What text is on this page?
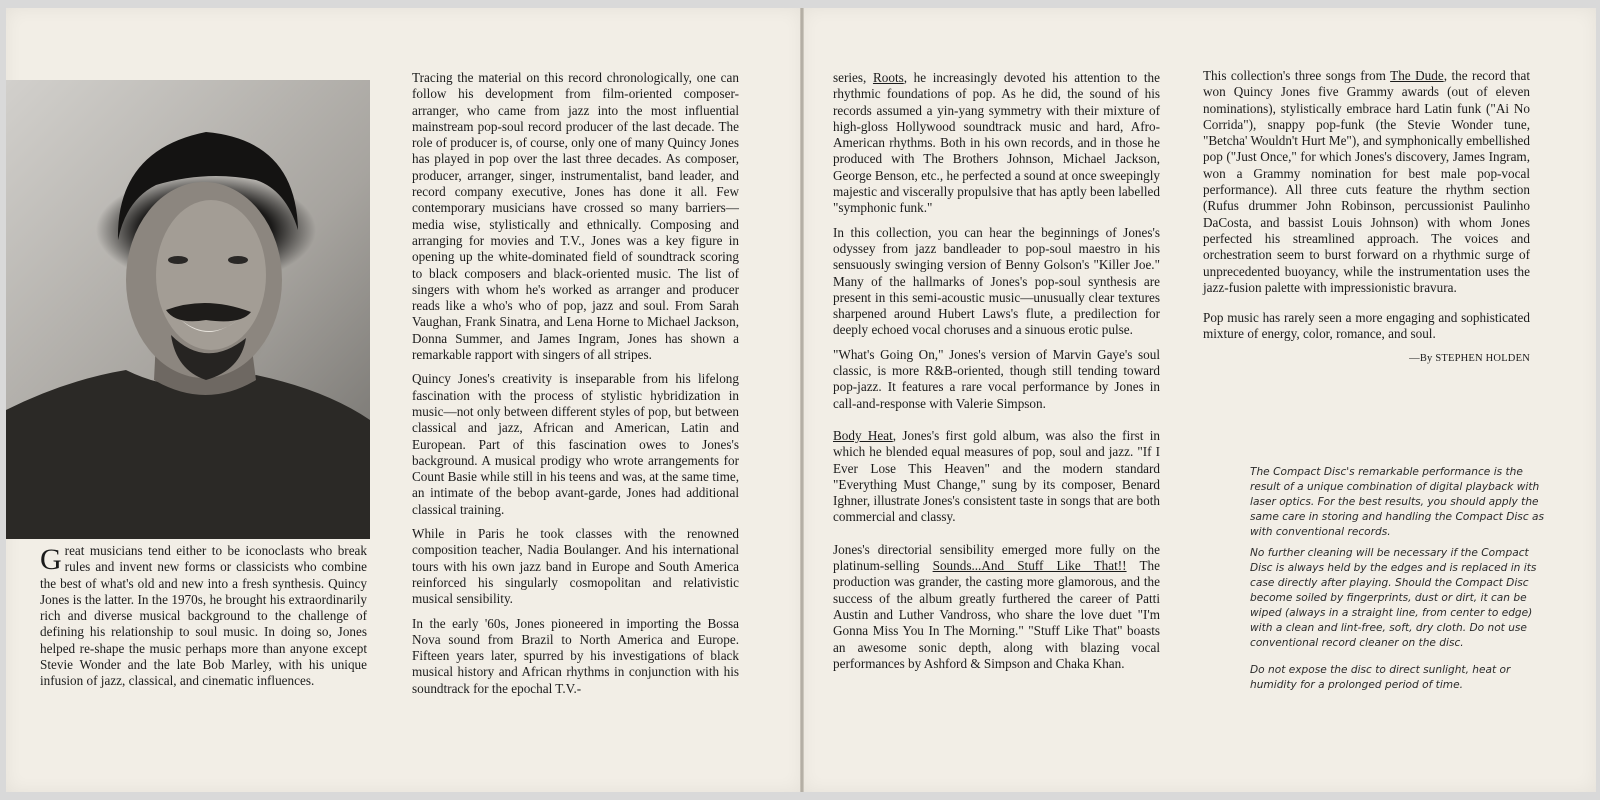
Great musicians tend either to be iconoclasts who break rules and invent new forms or classicists who combine the best of what's old and new into a fresh synthesis. Quincy Jones is the latter. In the 1970s, he brought his extraordinarily rich and diverse musical background to the challenge of defining his relationship to soul music. In doing so, Jones helped re-shape the music perhaps more than anyone except Stevie Wonder and the late Bob Marley, with his unique infusion of jazz, classical, and cinematic influences.

Tracing the material on this record chronologically, one can follow his development from film-oriented composer-arranger, who came from jazz into the most influential mainstream pop-soul record producer of the last decade. The role of producer is, of course, only one of many Quincy Jones has played in pop over the last three decades. As composer, producer, arranger, singer, instrumentalist, band leader, and record company executive, Jones has done it all. Few contemporary musicians have crossed so many barriers—media wise, stylistically and ethnically. Composing and arranging for movies and T.V., Jones was a key figure in opening up the white-dominated field of soundtrack scoring to black composers and black-oriented music. The list of singers with whom he's worked as arranger and producer reads like a who's who of pop, jazz and soul. From Sarah Vaughan, Frank Sinatra, and Lena Horne to Michael Jackson, Donna Summer, and James Ingram, Jones has shown a remarkable rapport with singers of all stripes.

Quincy Jones's creativity is inseparable from his lifelong fascination with the process of stylistic hybridization in music—not only between different styles of pop, but between classical and jazz, African and American, Latin and European. Part of this fascination owes to Jones's background. A musical prodigy who wrote arrangements for Count Basie while still in his teens and was, at the same time, an intimate of the bebop avant-garde, Jones had additional classical training.

While in Paris he took classes with the renowned composition teacher, Nadia Boulanger. And his international tours with his own jazz band in Europe and South America reinforced his singularly cosmopolitan and relativistic musical sensibility.

In the early '60s, Jones pioneered in importing the Bossa Nova sound from Brazil to North America and Europe. Fifteen years later, spurred by his investigations of black musical history and African rhythms in conjunction with his soundtrack for the epochal T.V.-

series, Roots, he increasingly devoted his attention to the rhythmic foundations of pop. As he did, the sound of his records assumed a yin-yang symmetry with their mixture of high-gloss Hollywood soundtrack music and hard, Afro-American rhythms. Both in his own records, and in those he produced with The Brothers Johnson, Michael Jackson, George Benson, etc., he perfected a sound at once sweepingly majestic and viscerally propulsive that has aptly been labelled "symphonic funk."

In this collection, you can hear the beginnings of Jones's odyssey from jazz bandleader to pop-soul maestro in his sensuously swinging version of Benny Golson's "Killer Joe." Many of the hallmarks of Jones's pop-soul synthesis are present in this semi-acoustic music—unusually clear textures sharpened around Hubert Laws's flute, a predilection for deeply echoed vocal choruses and a sinuous erotic pulse.

"What's Going On," Jones's version of Marvin Gaye's soul classic, is more R&B-oriented, though still tending toward pop-jazz. It features a rare vocal performance by Jones in call-and-response with Valerie Simpson.

Body Heat, Jones's first gold album, was also the first in which he blended equal measures of pop, soul and jazz. "If I Ever Lose This Heaven" and the modern standard "Everything Must Change," sung by its composer, Benard Ighner, illustrate Jones's consistent taste in songs that are both commercial and classy.

Jones's directorial sensibility emerged more fully on the platinum-selling Sounds...And Stuff Like That!! The production was grander, the casting more glamorous, and the success of the album greatly furthered the career of Patti Austin and Luther Vandross, who share the love duet "I'm Gonna Miss You In The Morning." "Stuff Like That" boasts an awesome sonic depth, along with blazing vocal performances by Ashford & Simpson and Chaka Khan.

This collection's three songs from The Dude, the record that won Quincy Jones five Grammy awards (out of eleven nominations), stylistically embrace hard Latin funk ("Ai No Corrida"), snappy pop-funk (the Stevie Wonder tune, "Betcha' Wouldn't Hurt Me"), and symphonically embellished pop ("Just Once," for which Jones's discovery, James Ingram, won a Grammy nomination for best male pop-vocal performance). All three cuts feature the rhythm section (Rufus drummer John Robinson, percussionist Paulinho DaCosta, and bassist Louis Johnson) with whom Jones perfected his streamlined approach. The voices and orchestration seem to burst forward on a rhythmic surge of unprecedented buoyancy, while the instrumentation uses the jazz-fusion palette with impressionistic bravura.

Pop music has rarely seen a more engaging and sophisticated mixture of energy, color, romance, and soul.

—By STEPHEN HOLDEN

The Compact Disc's remarkable performance is the result of a unique combination of digital playback with laser optics. For the best results, you should apply the same care in storing and handling the Compact Disc as with conventional records.

No further cleaning will be necessary if the Compact Disc is always held by the edges and is replaced in its case directly after playing. Should the Compact Disc become soiled by fingerprints, dust or dirt, it can be wiped (always in a straight line, from center to edge) with a clean and lint-free, soft, dry cloth. Do not use conventional record cleaner on the disc.

Do not expose the disc to direct sunlight, heat or humidity for a prolonged period of time.
